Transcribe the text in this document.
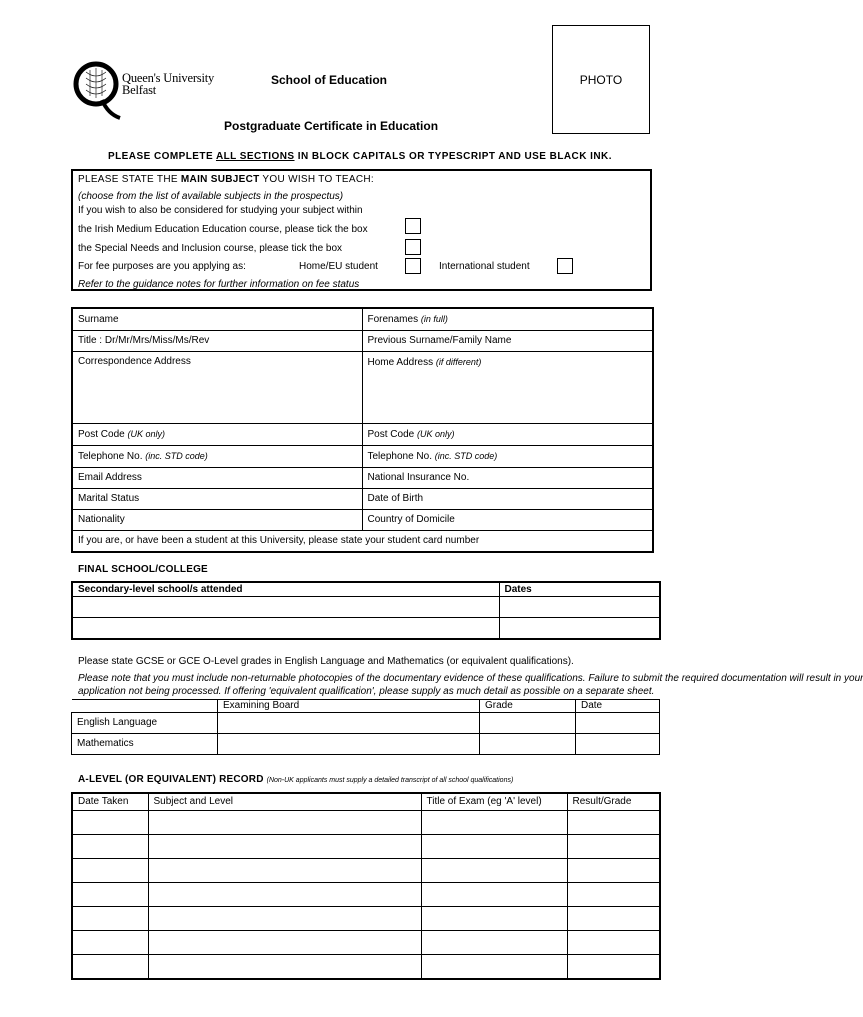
Queen's University
Belfast
School of Education	PHOTO
Postgraduate Certificate in Education
PLEASE COMPLETE ALL SECTIONS IN BLOCK CAPITALS OR TYPESCRIPT AND USE BLACK INK.
PLEASE STATE THE MAIN SUBJECT YOU WISH TO TEACH:
(choose from the list of available subjects in the prospectus)
If you wish to also be considered for studying your subject within
the Irish Medium Education Education course, please tick the box
the Special Needs and Inclusion course, please tick the box
For fee purposes are you applying as:	Home/EU student	International student
Refer to the guidance notes for further information on fee status
Surname	Forenames (in full)
Title : Dr/Mr/Mrs/Miss/Ms/Rev	Previous Surname/Family Name
Correspondence Address	Home Address (if different)
Post Code (UK only)	Post Code (UK only)
Telephone No. (inc. STD code)	Telephone No. (inc. STD code)
Email Address	National Insurance No.
Marital Status	Date of Birth
Nationality	Country of Domicile
If you are, or have been a student at this University, please state your student card number	
FINAL SCHOOL/COLLEGE
Secondary-level school/s attended	Dates

Please state GCSE or GCE O-Level grades in English Language and Mathematics (or equivalent qualifications).
Please note that you must include non-returnable photocopies of the documentary evidence of these qualifications. Failure to submit the required documentation will result in your
application not being processed. If offering 'equivalent qualification', please supply as much detail as possible on a separate sheet.
	Examining Board	Grade	Date
English Language			
Mathematics			
A-LEVEL (OR EQUIVALENT) RECORD (Non-UK applicants must supply a detailed transcript of all school qualifications)
Date Taken	Subject and Level	Title of Exam (eg 'A' level)	Result/Grade
